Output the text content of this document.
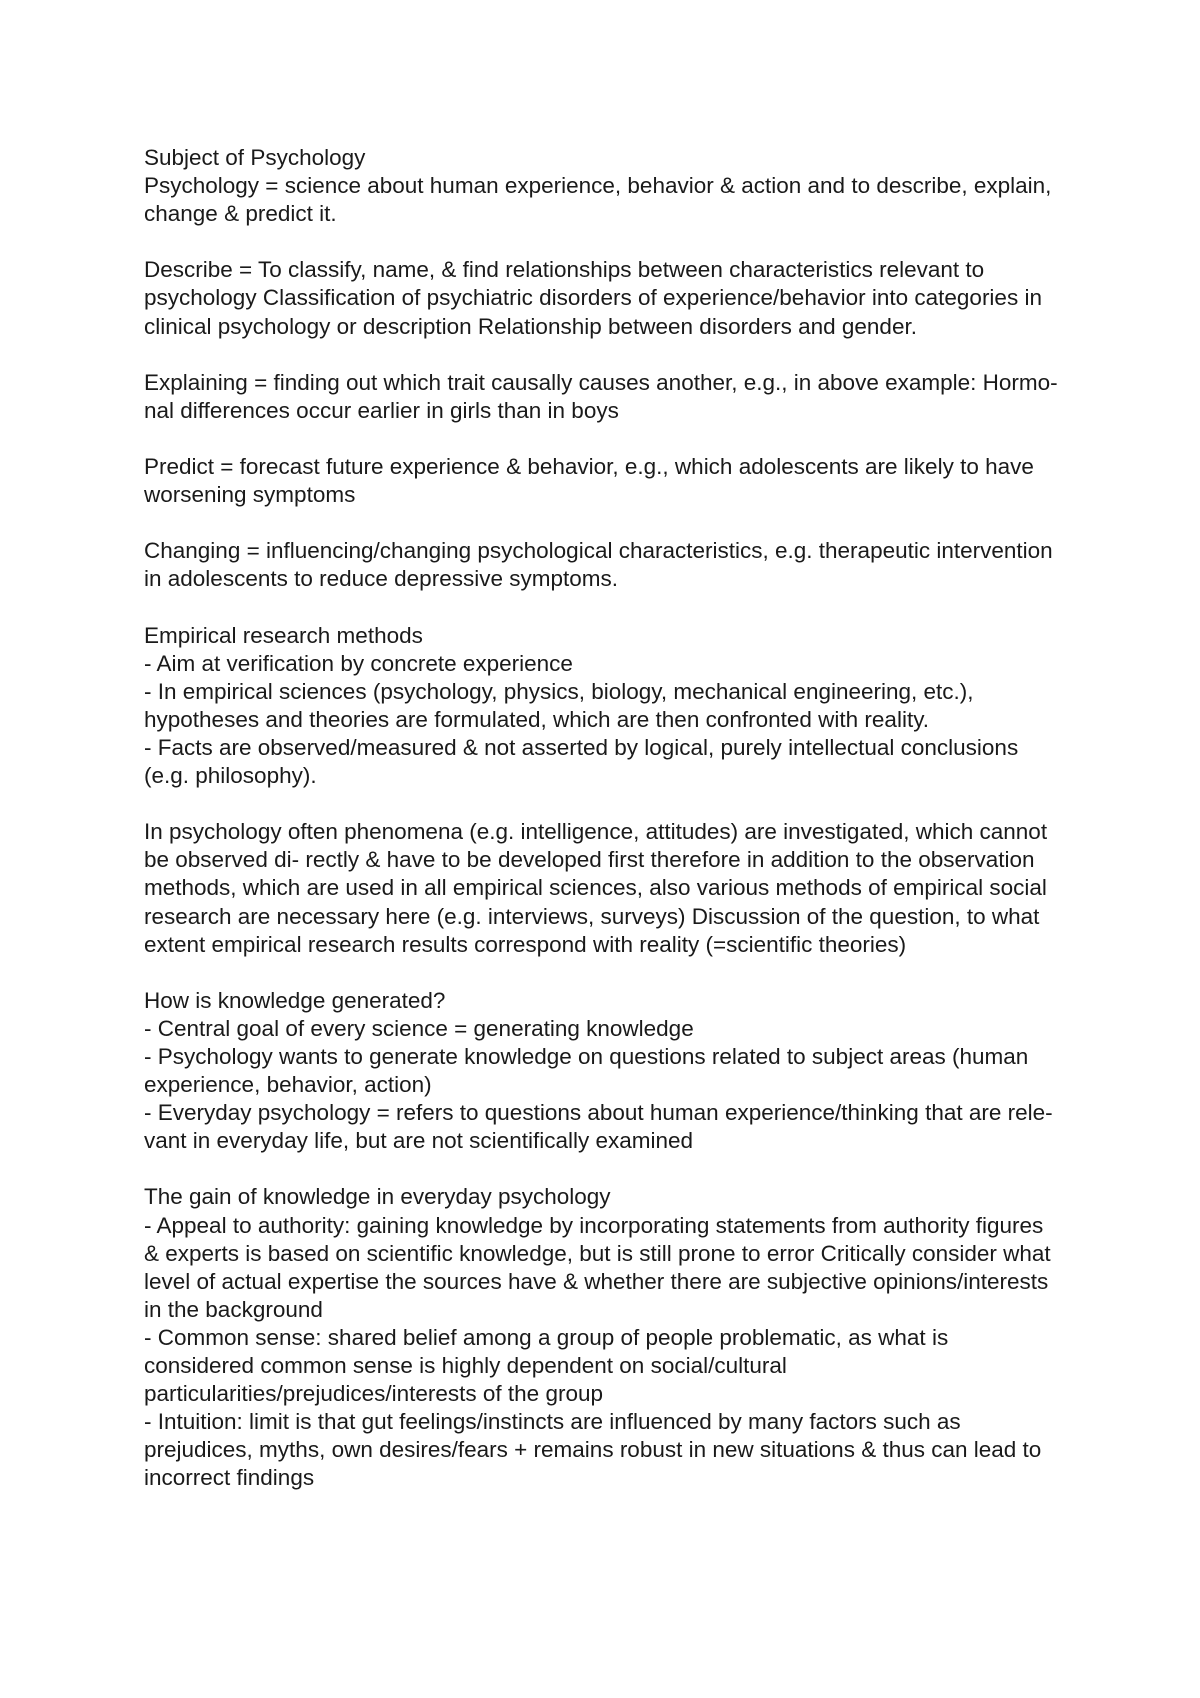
Subject of Psychology

Psychology = science about human experience, behavior & action and to describe, explain, change & predict it.

Describe = To classify, name, & find relationships between characteristics relevant to psychology Classification of psychiatric disorders of experience/behavior into categories in clinical psychology or description Relationship between disorders and gender.

Explaining = finding out which trait causally causes another, e.g., in above example: Hormo- nal differences occur earlier in girls than in boys

Predict = forecast future experience & behavior, e.g., which adolescents are likely to have worsening symptoms

Changing = influencing/changing psychological characteristics, e.g. therapeutic intervention in adolescents to reduce depressive symptoms.

Empirical research methods

- Aim at verification by concrete experience

- In empirical sciences (psychology, physics, biology, mechanical engineering, etc.), hypotheses and theories are formulated, which are then confronted with reality.

- Facts are observed/measured & not asserted by logical, purely intellectual conclusions (e.g. philosophy).

In psychology often phenomena (e.g. intelligence, attitudes) are investigated, which cannot be observed di- rectly & have to be developed first therefore in addition to the observation methods, which are used in all empirical sciences, also various methods of empirical social research are necessary here (e.g. interviews, surveys) Discussion of the question, to what extent empirical research results correspond with reality (=scientific theories)

How is knowledge generated?

- Central goal of every science = generating knowledge

- Psychology wants to generate knowledge on questions related to subject areas (human experience, behavior, action)

- Everyday psychology = refers to questions about human experience/thinking that are rele- vant in everyday life, but are not scientifically examined

The gain of knowledge in everyday psychology

- Appeal to authority: gaining knowledge by incorporating statements from authority figures & experts is based on scientific knowledge, but is still prone to error Critically consider what level of actual expertise the sources have & whether there are subjective opinions/interests in the background

- Common sense: shared belief among a group of people problematic, as what is considered common sense is highly dependent on social/cultural particularities/prejudices/interests of the group

- Intuition: limit is that gut feelings/instincts are influenced by many factors such as prejudices, myths, own desires/fears + remains robust in new situations & thus can lead to incorrect findings
